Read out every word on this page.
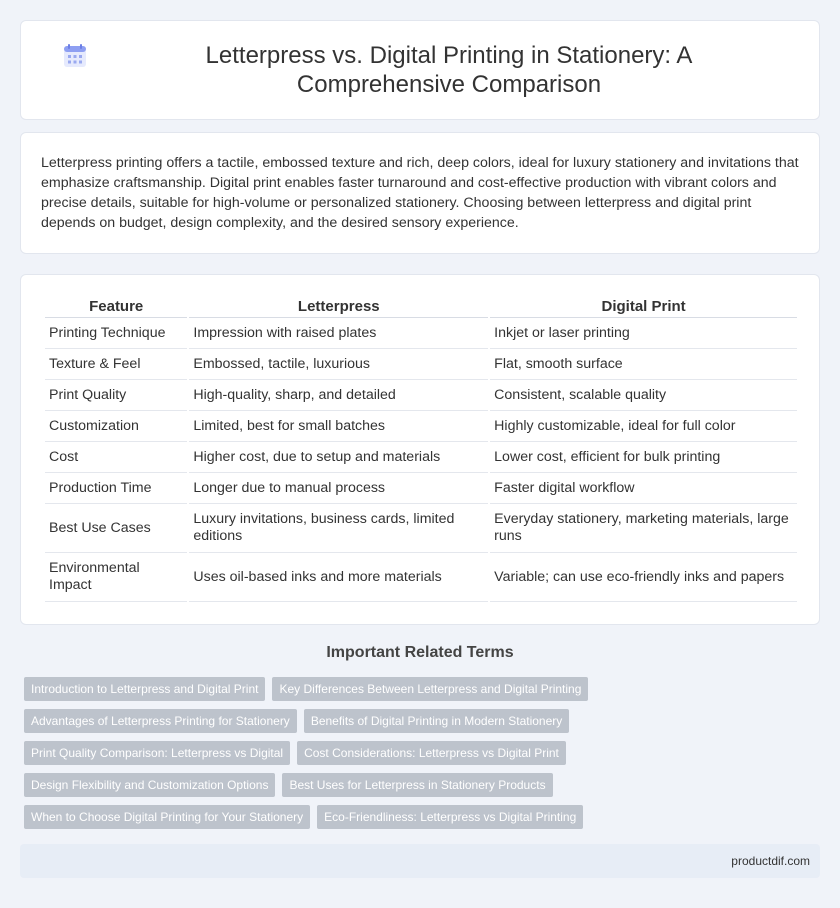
Letterpress vs. Digital Printing in Stationery: A Comprehensive Comparison

Letterpress printing offers a tactile, embossed texture and rich, deep colors, ideal for luxury stationery and invitations that emphasize craftsmanship. Digital print enables faster turnaround and cost-effective production with vibrant colors and precise details, suitable for high-volume or personalized stationery. Choosing between letterpress and digital print depends on budget, design complexity, and the desired sensory experience.

Feature	Letterpress	Digital Print
Printing Technique	Impression with raised plates	Inkjet or laser printing
Texture & Feel	Embossed, tactile, luxurious	Flat, smooth surface
Print Quality	High-quality, sharp, and detailed	Consistent, scalable quality
Customization	Limited, best for small batches	Highly customizable, ideal for full color
Cost	Higher cost, due to setup and materials	Lower cost, efficient for bulk printing
Production Time	Longer due to manual process	Faster digital workflow
Best Use Cases	Luxury invitations, business cards, limited editions	Everyday stationery, marketing materials, large runs
Environmental Impact	Uses oil-based inks and more materials	Variable; can use eco-friendly inks and papers
Important Related Terms
Introduction to Letterpress and Digital Print	Key Differences Between Letterpress and Digital Printing
Advantages of Letterpress Printing for Stationery	Benefits of Digital Printing in Modern Stationery
Print Quality Comparison: Letterpress vs Digital	Cost Considerations: Letterpress vs Digital Print
Design Flexibility and Customization Options	Best Uses for Letterpress in Stationery Products
When to Choose Digital Printing for Your Stationery	Eco-Friendliness: Letterpress vs Digital Printing
productdif.com
